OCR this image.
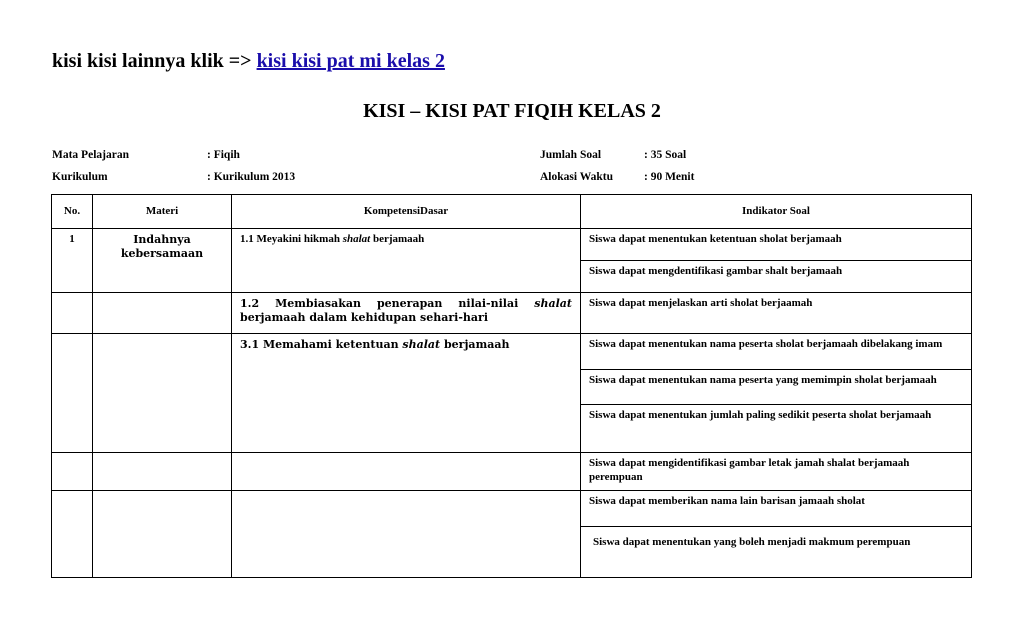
kisi kisi lainnya klik => kisi kisi pat mi kelas 2
KISI – KISI PAT FIQIH KELAS 2
Mata Pelajaran	: Fiqih
Kurikulum	: Kurikulum 2013
Jumlah Soal	: 35 Soal
Alokasi Waktu	: 90 Menit
No.	Materi	KompetensiDasar	Indikator Soal
1	Indahnya kebersamaan	1.1 Meyakini hikmah shalat berjamaah	Siswa dapat menentukan ketentuan sholat berjamaah
			Siswa dapat mengdentifikasi gambar shalt berjamaah
		1.2 Membiasakan penerapan nilai-nilai shalat berjamaah dalam kehidupan sehari-hari	Siswa dapat menjelaskan arti sholat berjaamah
		3.1 Memahami ketentuan shalat berjamaah	Siswa dapat menentukan nama peserta sholat berjamaah dibelakang imam
			Siswa dapat menentukan nama peserta yang memimpin sholat berjamaah
			Siswa dapat menentukan jumlah paling sedikit peserta sholat berjamaah
			Siswa dapat mengidentifikasi gambar letak jamah shalat berjamaah perempuan
			Siswa dapat memberikan nama lain barisan jamaah sholat
			Siswa dapat menentukan yang boleh menjadi makmum perempuan
